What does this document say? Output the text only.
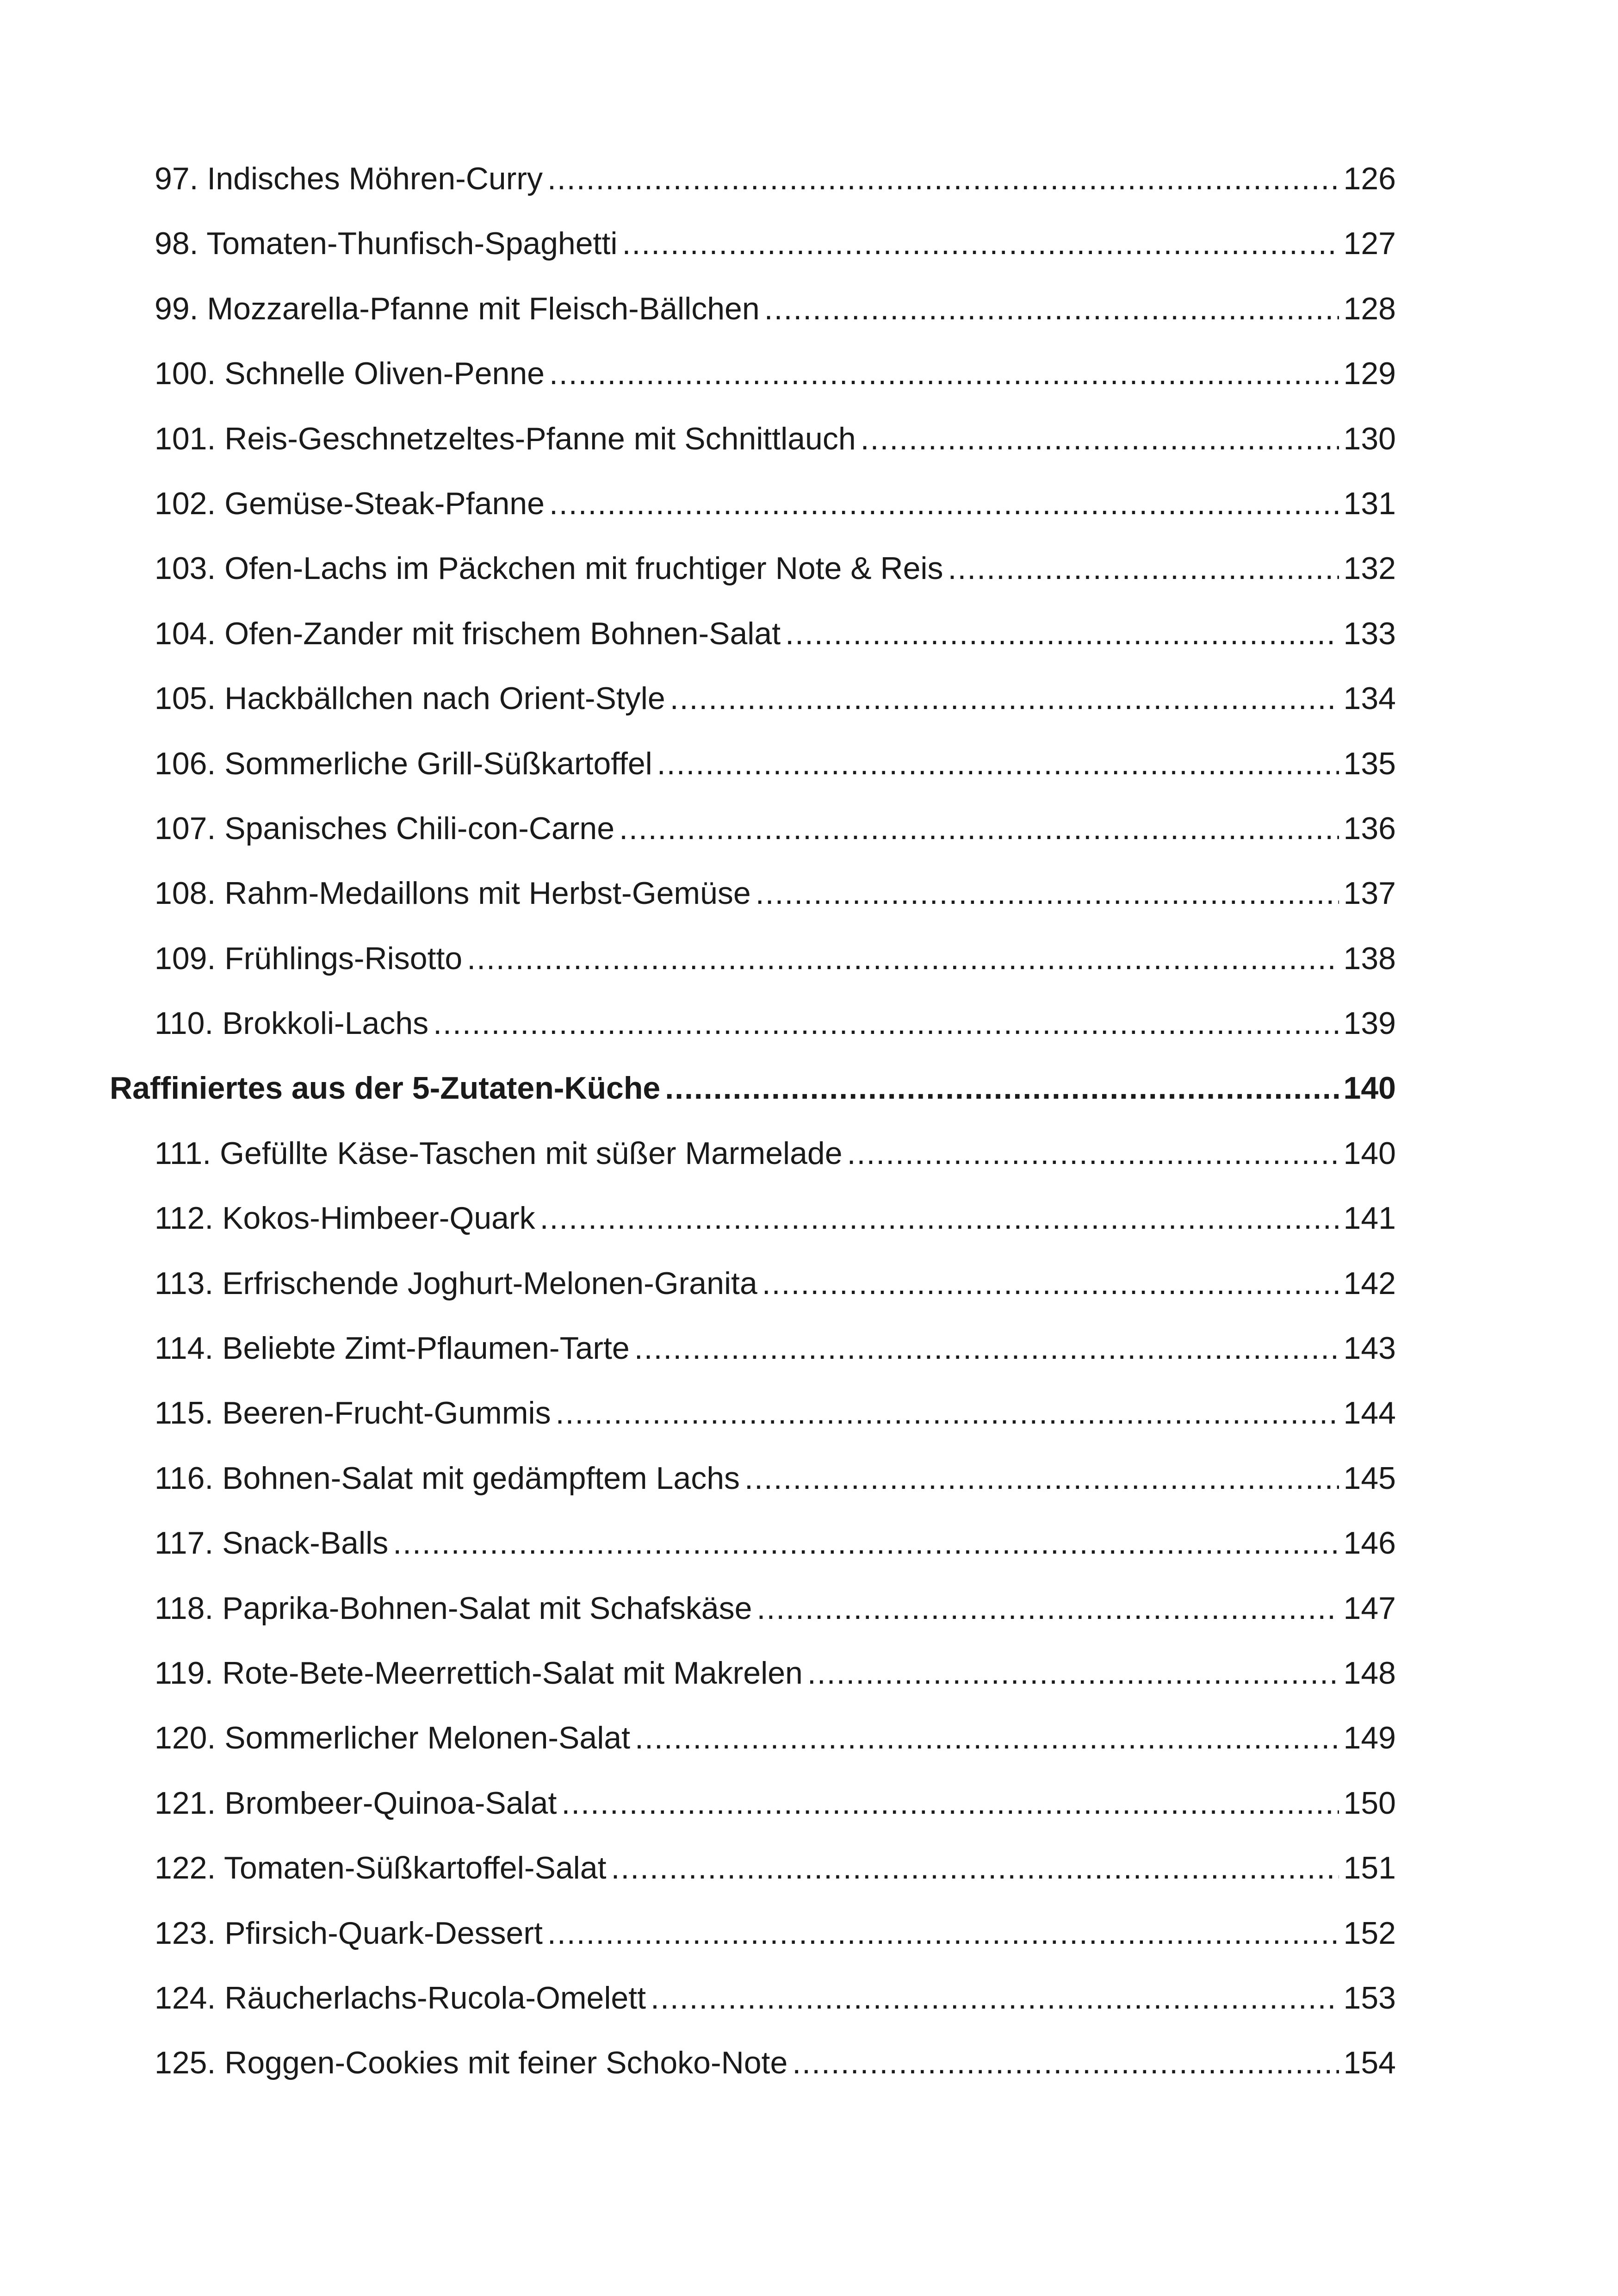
97. Indisches Möhren-Curry .....	126
98. Tomaten-Thunfisch-Spaghetti .....	127
99. Mozzarella-Pfanne mit Fleisch-Bällchen .....	128
100. Schnelle Oliven-Penne .....	129
101. Reis-Geschnetzeltes-Pfanne mit Schnittlauch .....	130
102. Gemüse-Steak-Pfanne .....	131
103. Ofen-Lachs im Päckchen mit fruchtiger Note & Reis .....	132
104. Ofen-Zander mit frischem Bohnen-Salat .....	133
105. Hackbällchen nach Orient-Style .....	134
106. Sommerliche Grill-Süßkartoffel .....	135
107. Spanisches Chili-con-Carne .....	136
108. Rahm-Medaillons mit Herbst-Gemüse .....	137
109. Frühlings-Risotto .....	138
110. Brokkoli-Lachs .....	139
Raffiniertes aus der 5-Zutaten-Küche .....	140
111. Gefüllte Käse-Taschen mit süßer Marmelade .....	140
112. Kokos-Himbeer-Quark .....	141
113. Erfrischende Joghurt-Melonen-Granita .....	142
114. Beliebte Zimt-Pflaumen-Tarte .....	143
115. Beeren-Frucht-Gummis .....	144
116. Bohnen-Salat mit gedämpftem Lachs .....	145
117. Snack-Balls .....	146
118. Paprika-Bohnen-Salat mit Schafskäse .....	147
119. Rote-Bete-Meerrettich-Salat mit Makrelen .....	148
120. Sommerlicher Melonen-Salat .....	149
121. Brombeer-Quinoa-Salat .....	150
122. Tomaten-Süßkartoffel-Salat .....	151
123. Pfirsich-Quark-Dessert .....	152
124. Räucherlachs-Rucola-Omelett .....	153
125. Roggen-Cookies mit feiner Schoko-Note .....	154
